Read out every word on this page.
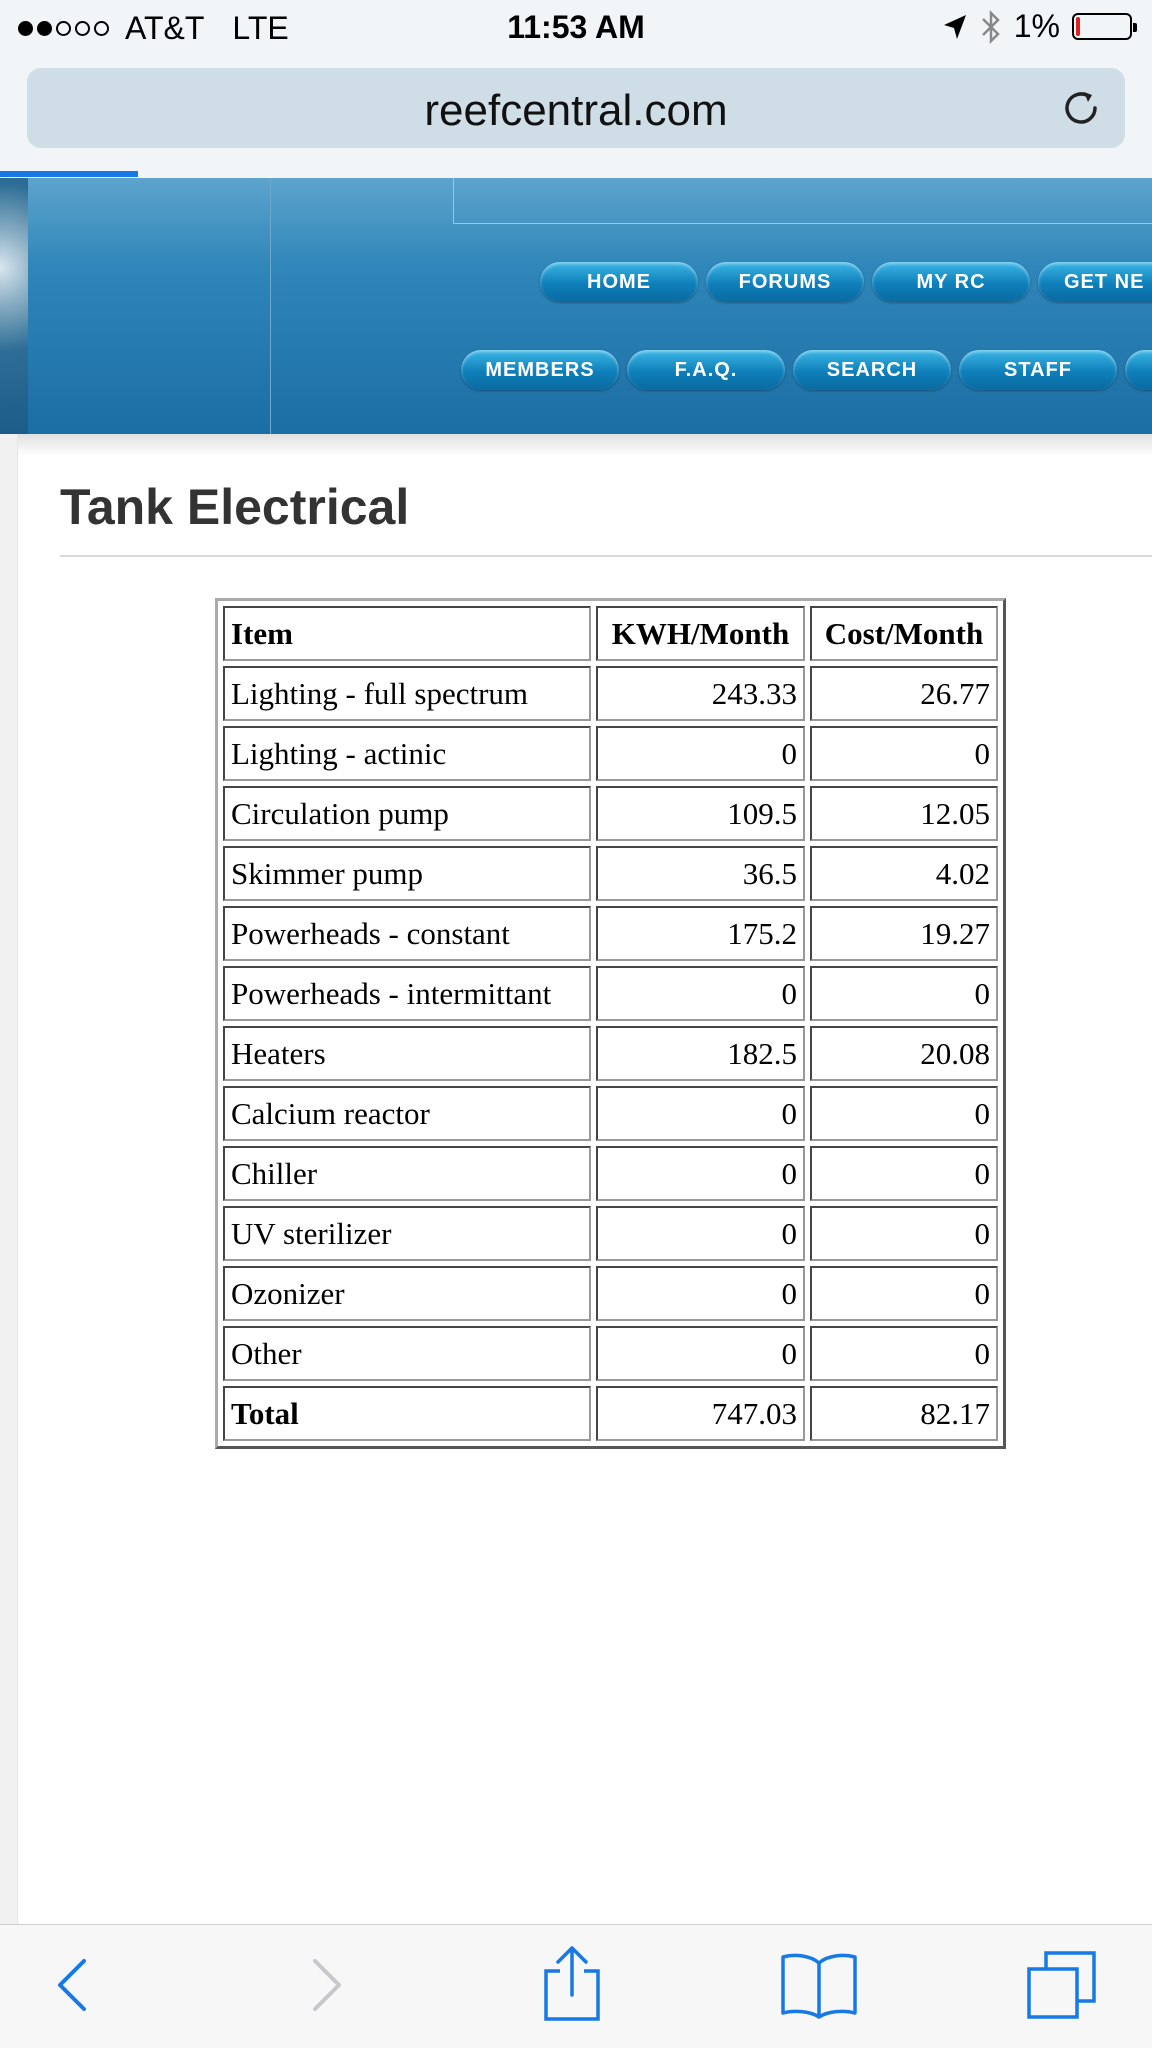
AT&T LTE	11:53 AM	1%
reefcentral.com
HOME	FORUMS	MY RC	GET NE
MEMBERS	F.A.Q.	SEARCH	STAFF
Tank Electrical
Item	KWH/Month	Cost/Month
Lighting - full spectrum	243.33	26.77
Lighting - actinic	0	0
Circulation pump	109.5	12.05
Skimmer pump	36.5	4.02
Powerheads - constant	175.2	19.27
Powerheads - intermittant	0	0
Heaters	182.5	20.08
Calcium reactor	0	0
Chiller	0	0
UV sterilizer	0	0
Ozonizer	0	0
Other	0	0
Total	747.03	82.17
